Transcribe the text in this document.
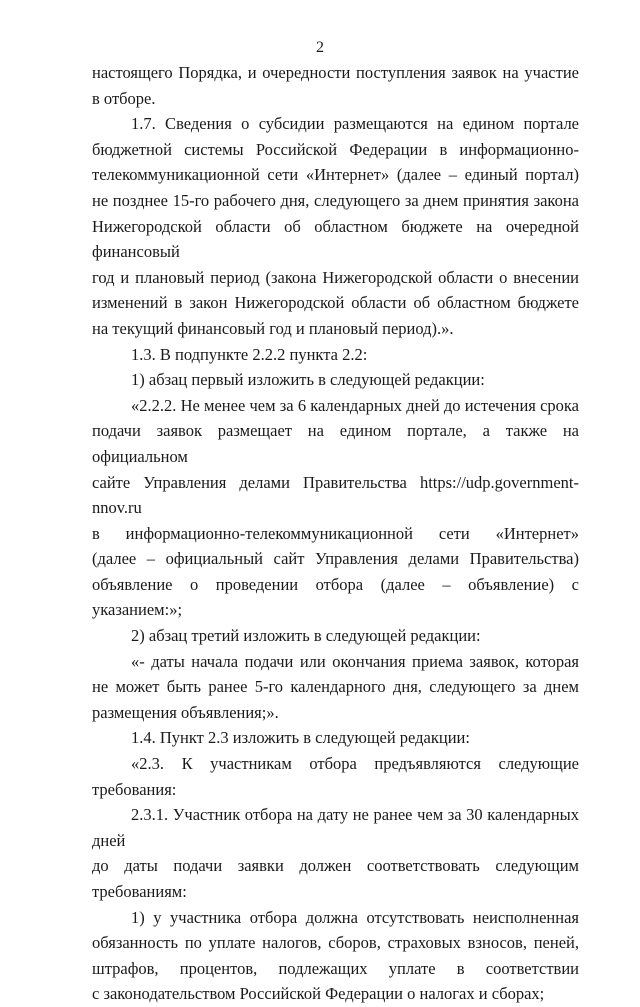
2
настоящего Порядка, и очередности поступления заявок на участие
в отборе.
1.7. Сведения о субсидии размещаются на едином портале
бюджетной системы Российской Федерации в информационно-
телекоммуникационной сети «Интернет» (далее – единый портал)
не позднее 15-го рабочего дня, следующего за днем принятия закона
Нижегородской области об областном бюджете на очередной финансовый
год и плановый период (закона Нижегородской области о внесении
изменений в закон Нижегородской области об областном бюджете
на текущий финансовый год и плановый период).».
1.3. В подпункте 2.2.2 пункта 2.2:
1) абзац первый изложить в следующей редакции:
«2.2.2. Не менее чем за 6 календарных дней до истечения срока
подачи заявок размещает на едином портале, а также на официальном
сайте Управления делами Правительства https://udp.government-nnov.ru
в информационно-телекоммуникационной сети «Интернет»
(далее – официальный сайт Управления делами Правительства)
объявление о проведении отбора (далее – объявление) с указанием:»;
2) абзац третий изложить в следующей редакции:
«- даты начала подачи или окончания приема заявок, которая
не может быть ранее 5-го календарного дня, следующего за днем
размещения объявления;».
1.4. Пункт 2.3 изложить в следующей редакции:
«2.3. К участникам отбора предъявляются следующие требования:
2.3.1. Участник отбора на дату не ранее чем за 30 календарных дней
до даты подачи заявки должен соответствовать следующим требованиям:
1) у участника отбора должна отсутствовать неисполненная
обязанность по уплате налогов, сборов, страховых взносов, пеней,
штрафов, процентов, подлежащих уплате в соответствии
с законодательством Российской Федерации о налогах и сборах;
